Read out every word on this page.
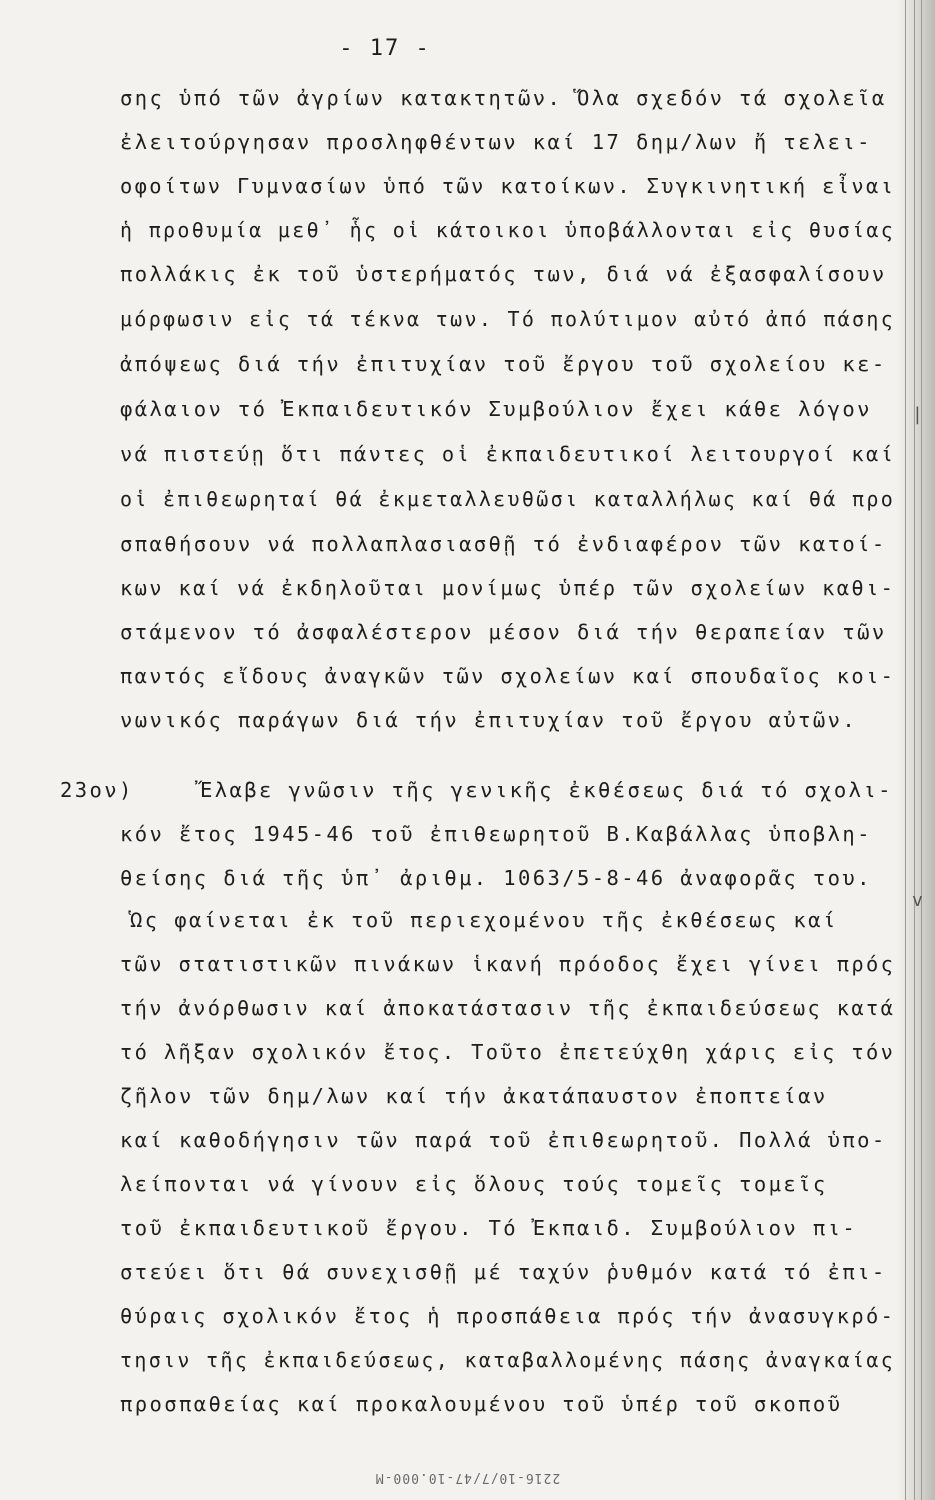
- 17 -
σης ὑπό τῶν ἀγρίων κατακτητῶν. Ὅλα σχεδόν τά σχολεῖα
ἐλειτούργησαν προσληφθέντων καί 17 δημ/λων ἤ τελει-
οφοίτων Γυμνασίων ὑπό τῶν κατοίκων. Συγκινητική εἶναι
ἡ προθυμία μεθ᾽ ἧς οἱ κάτοικοι ὑποβάλλονται εἰς θυσίας
πολλάκις ἐκ τοῦ ὑστερήματός των, διά νά ἐξασφαλίσουν
μόρφωσιν εἰς τά τέκνα των. Τό πολύτιμον αὐτό ἀπό πάσης
ἀπόψεως διά τήν ἐπιτυχίαν τοῦ ἔργου τοῦ σχολείου κε-
φάλαιον τό Ἐκπαιδευτικόν Συμβούλιον ἔχει κάθε λόγον
νά πιστεύῃ ὅτι πάντες οἱ ἐκπαιδευτικοί λειτουργοί καί
οἱ ἐπιθεωρηταί θά ἐκμεταλλευθῶσι καταλλήλως καί θά προ
σπαθήσουν νά πολλαπλασιασθῇ τό ἐνδιαφέρον τῶν κατοί-
κων καί νά ἐκδηλοῦται μονίμως ὑπέρ τῶν σχολείων καθι-
στάμενον τό ἀσφαλέστερον μέσον διά τήν θεραπείαν τῶν
παντός εἴδους ἀναγκῶν τῶν σχολείων καί σπουδαῖος κοι-
νωνικός παράγων διά τήν ἐπιτυχίαν τοῦ ἔργου αὐτῶν.
23ον)	Ἔλαβε γνῶσιν τῆς γενικῆς ἐκθέσεως διά τό σχολι-
κόν ἔτος 1945-46 τοῦ ἐπιθεωρητοῦ Β.Καβάλλας ὑποβλη-
θείσης διά τῆς ὑπ᾽ ἀριθμ. 1063/5-8-46 ἀναφορᾶς του.
Ὡς φαίνεται ἐκ τοῦ περιεχομένου τῆς ἐκθέσεως καί
τῶν στατιστικῶν πινάκων ἱκανή πρόοδος ἔχει γίνει πρός
τήν ἀνόρθωσιν καί ἀποκατάστασιν τῆς ἐκπαιδεύσεως κατά
τό λῆξαν σχολικόν ἔτος. Τοῦτο ἐπετεύχθη χάρις εἰς τόν
ζῆλον τῶν δημ/λων καί τήν ἀκατάπαυστον ἐποπτείαν
καί καθοδήγησιν τῶν παρά τοῦ ἐπιθεωρητοῦ. Πολλά ὑπο-
λείπονται νά γίνουν εἰς ὅλους τούς τομεῖς τομεῖς
τοῦ ἐκπαιδευτικοῦ ἔργου. Τό Ἐκπαιδ. Συμβούλιον πι-
στεύει ὅτι θά συνεχισθῇ μέ ταχύν ῥυθμόν κατά τό ἐπι-
θύραις σχολικόν ἔτος ἡ προσπάθεια πρός τήν ἀνασυγκρό-
τησιν τῆς ἐκπαιδεύσεως, καταβαλλομένης πάσης ἀναγκαίας
προσπαθείας καί προκαλουμένου τοῦ ὑπέρ τοῦ σκοποῦ
|
v
2216-10/7/47-10.000-M
